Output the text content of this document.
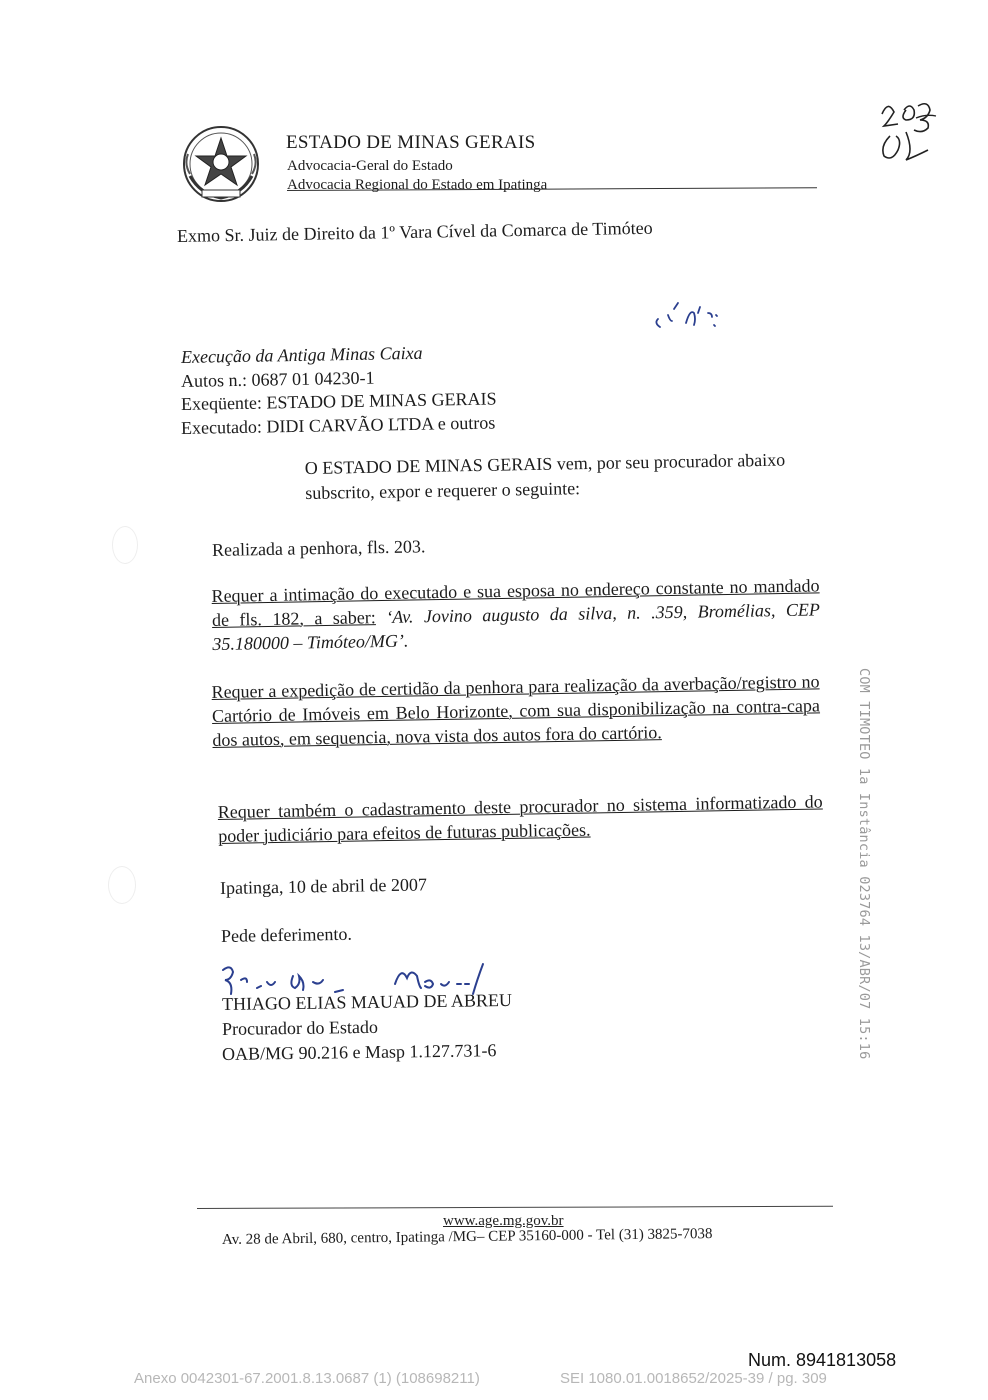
ESTADO DE MINAS GERAIS
Advocacia-Geral do Estado
Advocacia Regional do Estado em Ipatinga
Exmo Sr. Juiz de Direito da 1º Vara Cível da Comarca de Timóteo
Execução da Antiga Minas Caixa
Autos n.: 0687 01 04230-1
Exeqüente: ESTADO DE MINAS GERAIS
Executado: DIDI CARVÃO LTDA e outros
O ESTADO DE MINAS GERAIS vem, por seu procurador abaixo subscrito, expor e requerer o seguinte:
Realizada a penhora, fls. 203.
Requer a intimação do executado e sua esposa no endereço constante no mandado de fls. 182, a saber: ‘Av. Jovino augusto da silva, n. .359, Bromélias, CEP 35.180000 – Timóteo/MG’.
Requer a expedição de certidão da penhora para realização da averbação/registro no Cartório de Imóveis em Belo Horizonte, com sua disponibilização na contra-capa dos autos, em sequencia, nova vista dos autos fora do cartório.
Requer também o cadastramento deste procurador no sistema informatizado do poder judiciário para efeitos de futuras publicações.
Ipatinga, 10 de abril de 2007
Pede deferimento.
THIAGO ELIAS MAUAD DE ABREU
Procurador do Estado
OAB/MG 90.216 e Masp 1.127.731-6	COM TIMOTEO 1a Instância 023764 13/ABR/07 15:16
www.age.mg.gov.br
Av. 28 de Abril, 680, centro, Ipatinga /MG– CEP 35160-000 - Tel (31) 3825-7038
Num. 8941813058
Anexo 0042301-67.2001.8.13.0687 (1) (108698211)	SEI 1080.01.0018652/2025-39 / pg. 309
